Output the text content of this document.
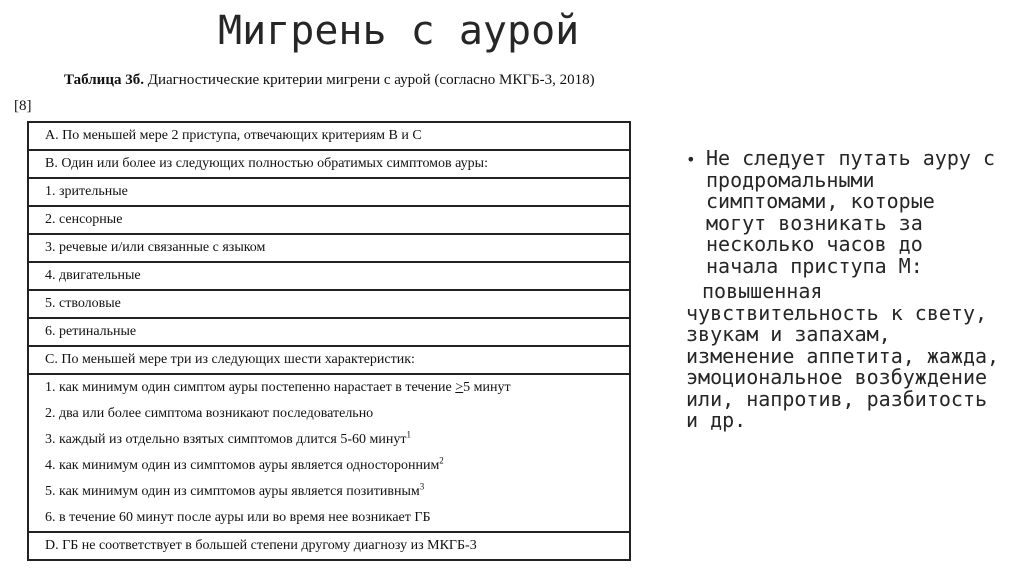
Мигрень с аурой
Таблица 3б. Диагностические критерии мигрени с аурой (согласно МКГБ-3, 2018)
[8]
A. По меньшей мере 2 приступа, отвечающих критериям B и C
B. Один или более из следующих полностью обратимых симптомов ауры:
1. зрительные
2. сенсорные
3. речевые и/или связанные с языком
4. двигательные
5. стволовые
6. ретинальные
C. По меньшей мере три из следующих шести характеристик:
1. как минимум один симптом ауры постепенно нарастает в течение ≥5 минут
2. два или более симптома возникают последовательно
3. каждый из отдельно взятых симптомов длится 5-60 минут$^1$
4. как минимум один из симптомов ауры является односторонним$^2$
5. как минимум один из симптомов ауры является позитивным$^3$
6. в течение 60 минут после ауры или во время нее возникает ГБ
D. ГБ не соответствует в большей степени другому диагнозу из МКГБ-3
• Не следует путать ауру с продромальными симптомами, которые могут возникать за несколько часов до начала приступа М:
повышенная чувствительность к свету, звукам и запахам, изменение аппетита, жажда, эмоциональное возбуждение или, напротив, разбитость и др.
